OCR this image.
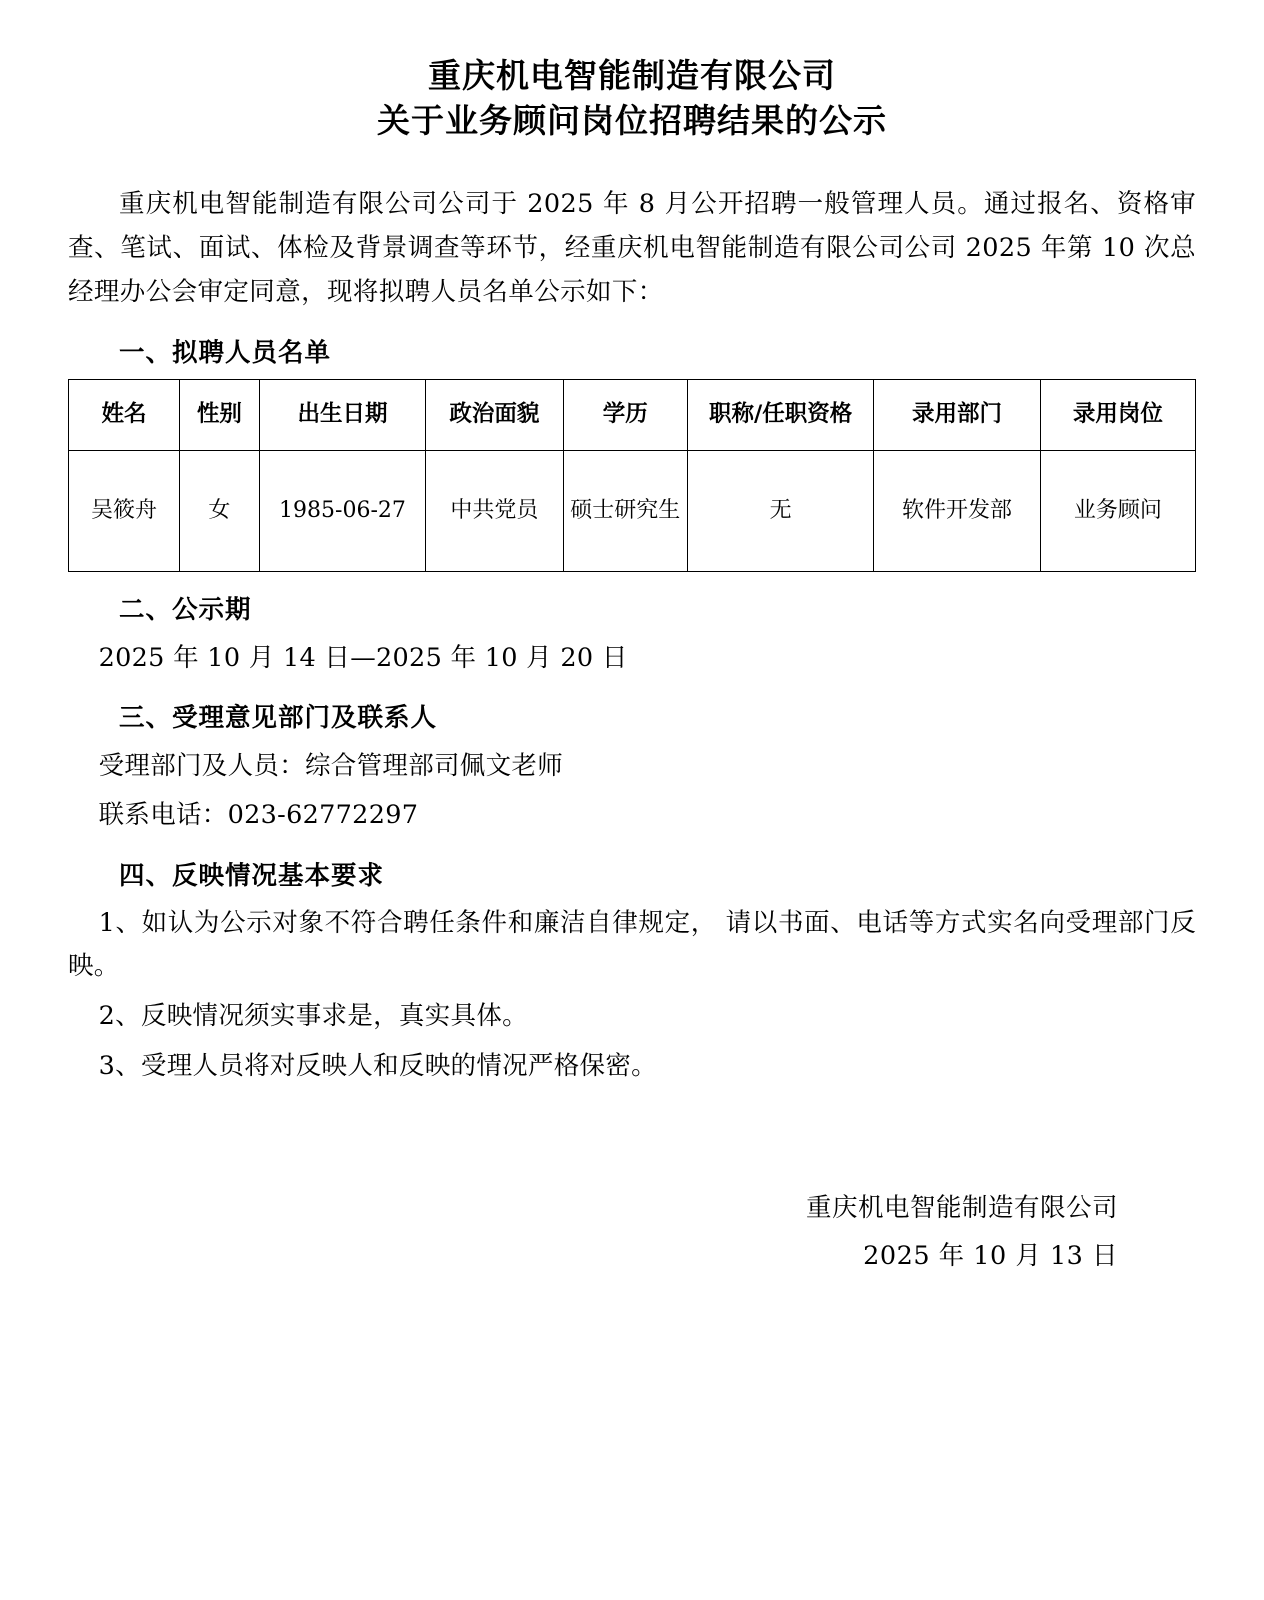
重庆机电智能制造有限公司
关于业务顾问岗位招聘结果的公示

重庆机电智能制造有限公司公司于 2025 年 8 月公开招聘一般管理人员。通过报名、资格审查、笔试、面试、体检及背景调查等环节，经重庆机电智能制造有限公司公司 2025 年第 10 次总经理办公会审定同意，现将拟聘人员名单公示如下：

一、拟聘人员名单
姓名	性别	出生日期	政治面貌	学历	职称/任职资格	录用部门	录用岗位
吴筱舟	女	1985-06-27	中共党员	硕士研究生	无	软件开发部	业务顾问
二、公示期
2025 年 10 月 14 日—2025 年 10 月 20 日
三、受理意见部门及联系人
受理部门及人员：综合管理部司佩文老师
联系电话：023-62772297
四、反映情况基本要求
1、如认为公示对象不符合聘任条件和廉洁自律规定， 请以书面、电话等方式实名向受理部门反映。
2、反映情况须实事求是，真实具体。
3、受理人员将对反映人和反映的情况严格保密。
重庆机电智能制造有限公司
2025 年 10 月 13 日
